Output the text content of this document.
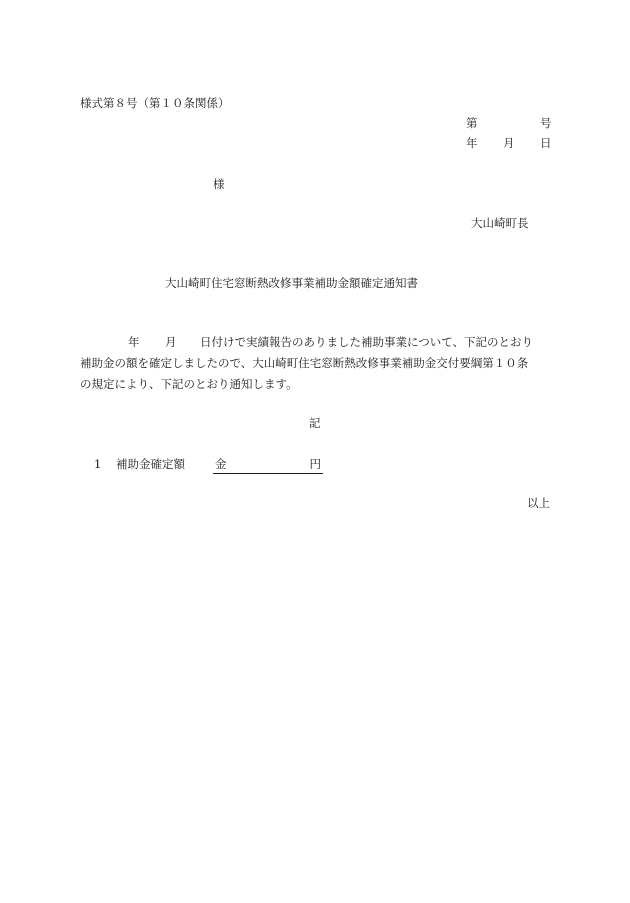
様式第８号（第１０条関係）
第	号
年 月 日
様
大山崎町長
大山崎町住宅窓断熱改修事業補助金額確定通知書
年 月 日付けで実績報告のありました補助事業について、下記のとおり
補助金の額を確定しましたので、大山崎町住宅窓断熱改修事業補助金交付要綱第１０条
の規定により、下記のとおり通知します。
記
1 補助金確定額	金	円
以上
